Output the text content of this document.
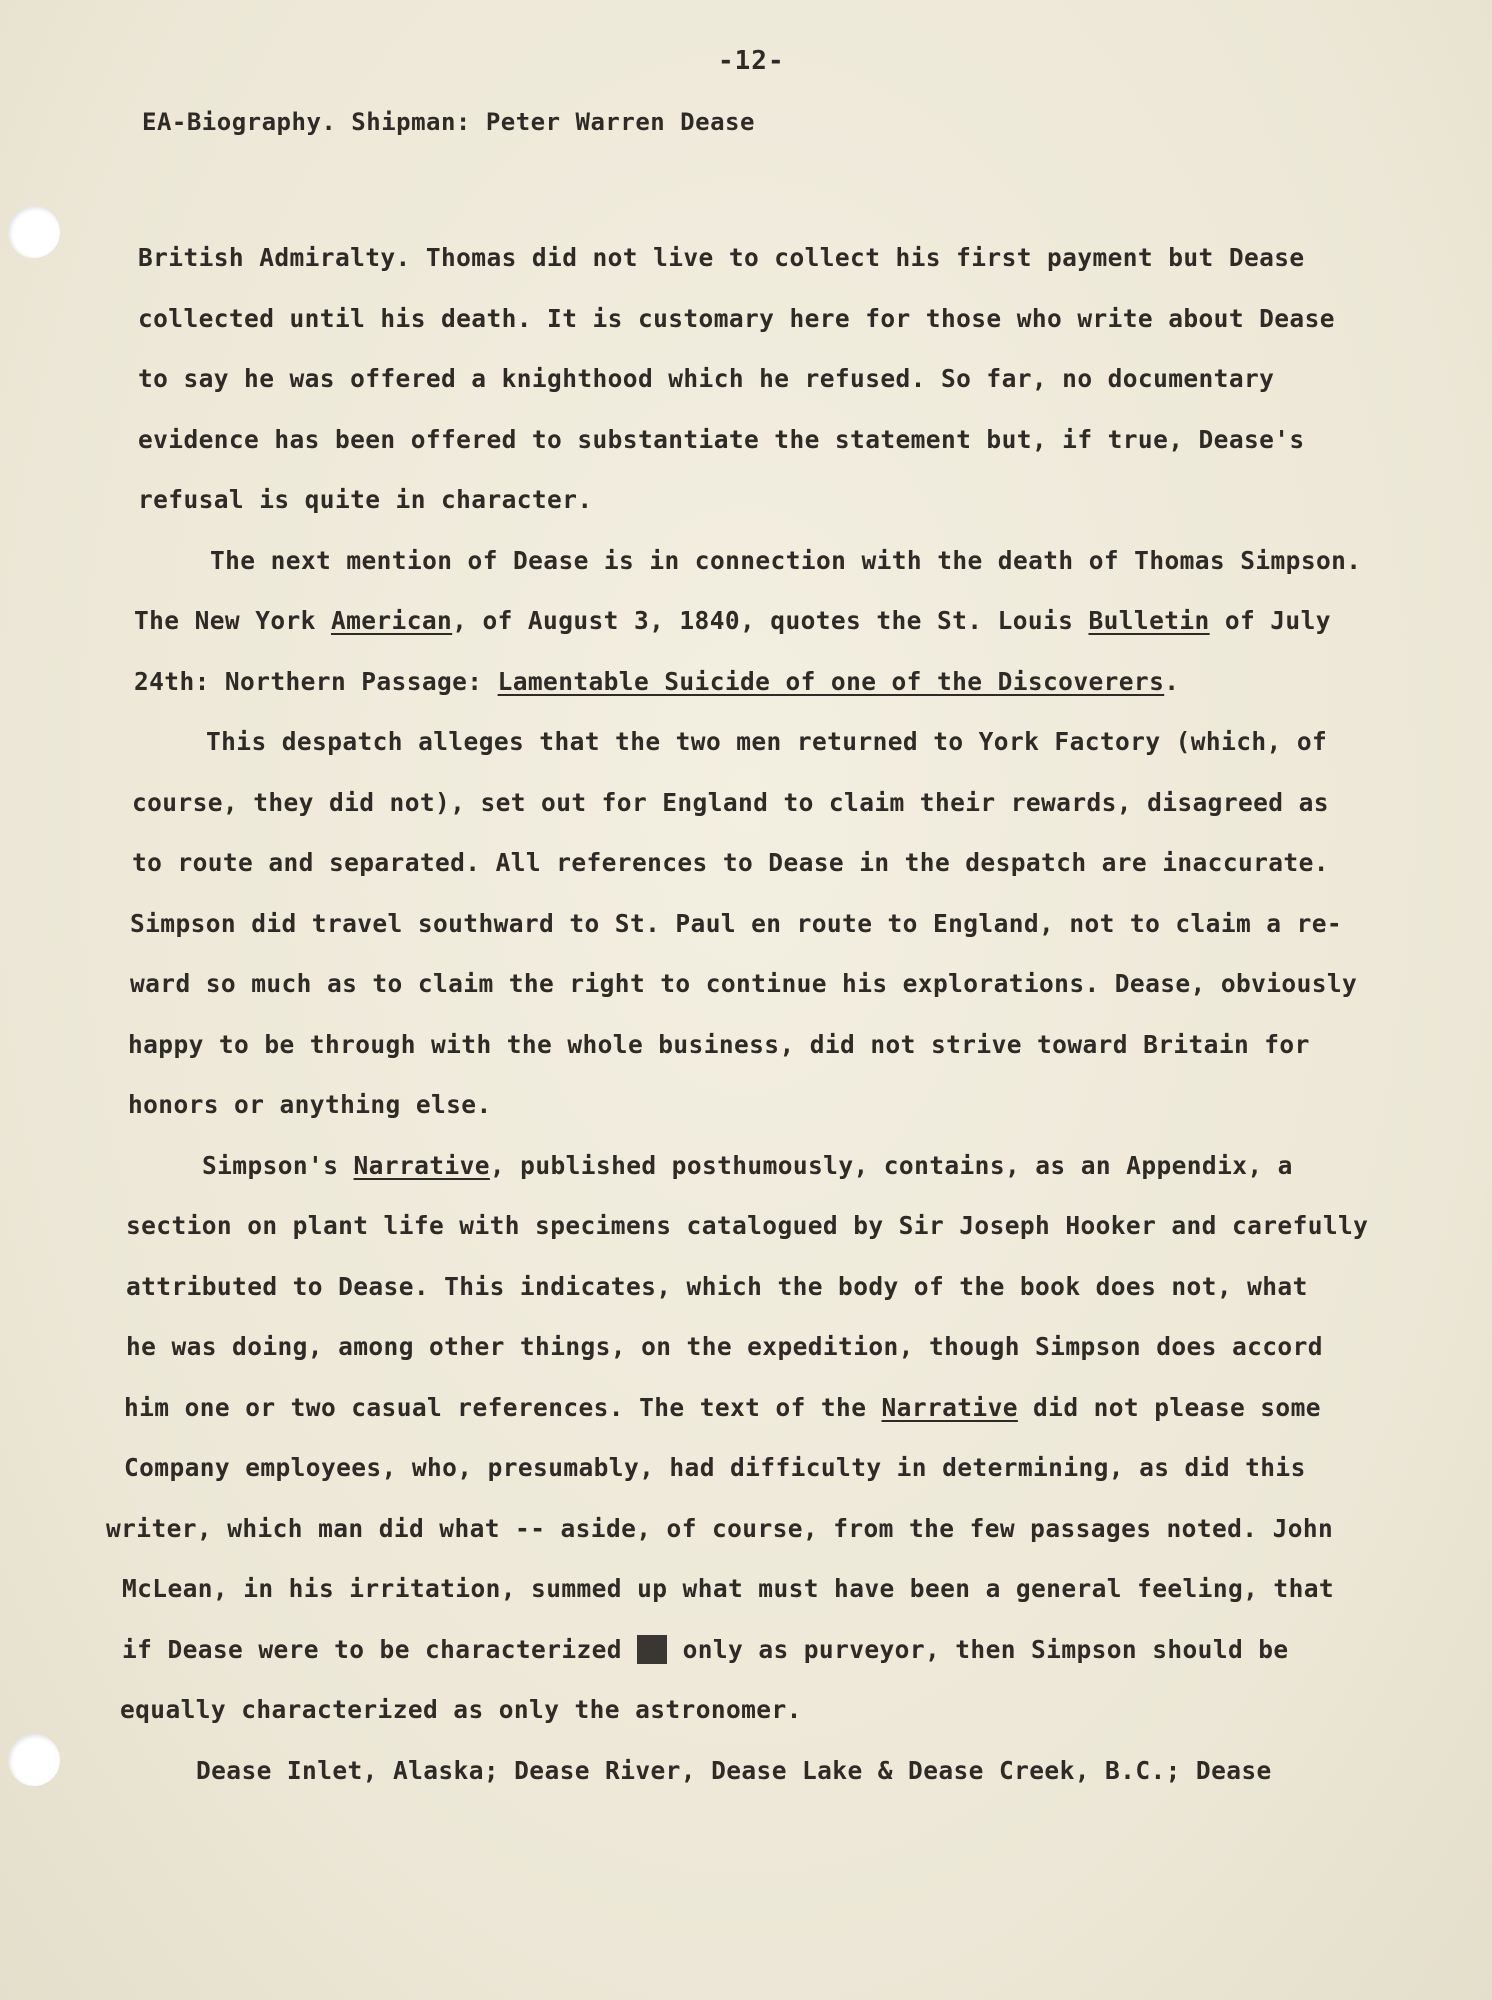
-12-
EA-Biography. Shipman: Peter Warren Dease
British Admiralty. Thomas did not live to collect his first payment but Dease
collected until his death. It is customary here for those who write about Dease
to say he was offered a knighthood which he refused. So far, no documentary
evidence has been offered to substantiate the statement but, if true, Dease's
refusal is quite in character.
The next mention of Dease is in connection with the death of Thomas Simpson.
The New York American, of August 3, 1840, quotes the St. Louis Bulletin of July
24th: Northern Passage: Lamentable Suicide of one of the Discoverers.
This despatch alleges that the two men returned to York Factory (which, of
course, they did not), set out for England to claim their rewards, disagreed as
to route and separated. All references to Dease in the despatch are inaccurate.
Simpson did travel southward to St. Paul en route to England, not to claim a re-
ward so much as to claim the right to continue his explorations. Dease, obviously
happy to be through with the whole business, did not strive toward Britain for
honors or anything else.
Simpson's Narrative, published posthumously, contains, as an Appendix, a
section on plant life with specimens catalogued by Sir Joseph Hooker and carefully
attributed to Dease. This indicates, which the body of the book does not, what
he was doing, among other things, on the expedition, though Simpson does accord
him one or two casual references. The text of the Narrative did not please some
Company employees, who, presumably, had difficulty in determining, as did this
writer, which man did what -- aside, of course, from the few passages noted. John
McLean, in his irritation, summed up what must have been a general feeling, that
if Dease were to be characterized as only as purveyor, then Simpson should be
equally characterized as only the astronomer.
Dease Inlet, Alaska; Dease River, Dease Lake & Dease Creek, B.C.; Dease
